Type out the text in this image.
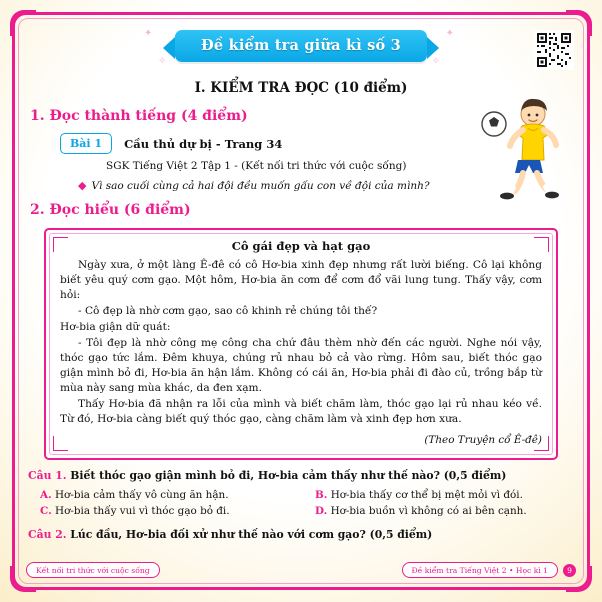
✦
✧
Đề kiểm tra giữa kì số 3
✦
✧
I. KIỂM TRA ĐỌC (10 điểm)
1. Đọc thành tiếng (4 điểm)
Bài 1	Cầu thủ dự bị - Trang 34
SGK Tiếng Việt 2 Tập 1 - (Kết nối tri thức với cuộc sống)
◆ Vì sao cuối cùng cả hai đội đều muốn gấu con về đội của mình?
2. Đọc hiểu (6 điểm)
Cô gái đẹp và hạt gạo

Ngày xưa, ở một làng Ê-đê có cô Hơ-bia xinh đẹp nhưng rất lười biếng. Cô lại không biết yêu quý cơm gạo. Một hôm, Hơ-bia ăn cơm để cơm đổ vãi lung tung. Thấy vậy, cơm hỏi:

- Cô đẹp là nhờ cơm gạo, sao cô khinh rẻ chúng tôi thế?

Hơ-bia giận dữ quát:

- Tôi đẹp là nhờ công mẹ công cha chứ đâu thèm nhờ đến các người. Nghe nói vậy, thóc gạo tức lắm. Đêm khuya, chúng rủ nhau bỏ cả vào rừng. Hôm sau, biết thóc gạo giận mình bỏ đi, Hơ-bia ăn hận lắm. Không có cái ăn, Hơ-bia phải đi đào củ, trồng bắp từ mùa này sang mùa khác, da đen xạm.

Thấy Hơ-bia đã nhận ra lỗi của mình và biết chăm làm, thóc gạo lại rủ nhau kéo về. Từ đó, Hơ-bia càng biết quý thóc gạo, càng chăm làm và xinh đẹp hơn xưa.

(Theo Truyện cổ Ê-đê)
Câu 1. Biết thóc gạo giận mình bỏ đi, Hơ-bia cảm thấy như thế nào? (0,5 điểm)
A. Hơ-bia cảm thấy vô cùng ăn hận.	B. Hơ-bia thấy cơ thể bị mệt mỏi vì đói.
C. Hơ-bia thấy vui vì thóc gạo bỏ đi.	D. Hơ-bia buồn vì không có ai bên cạnh.
Câu 2. Lúc đầu, Hơ-bia đối xử như thế nào với cơm gạo? (0,5 điểm)
Kết nối tri thức với cuộc sống	Đề kiểm tra Tiếng Việt 2 • Học kì 1	9
